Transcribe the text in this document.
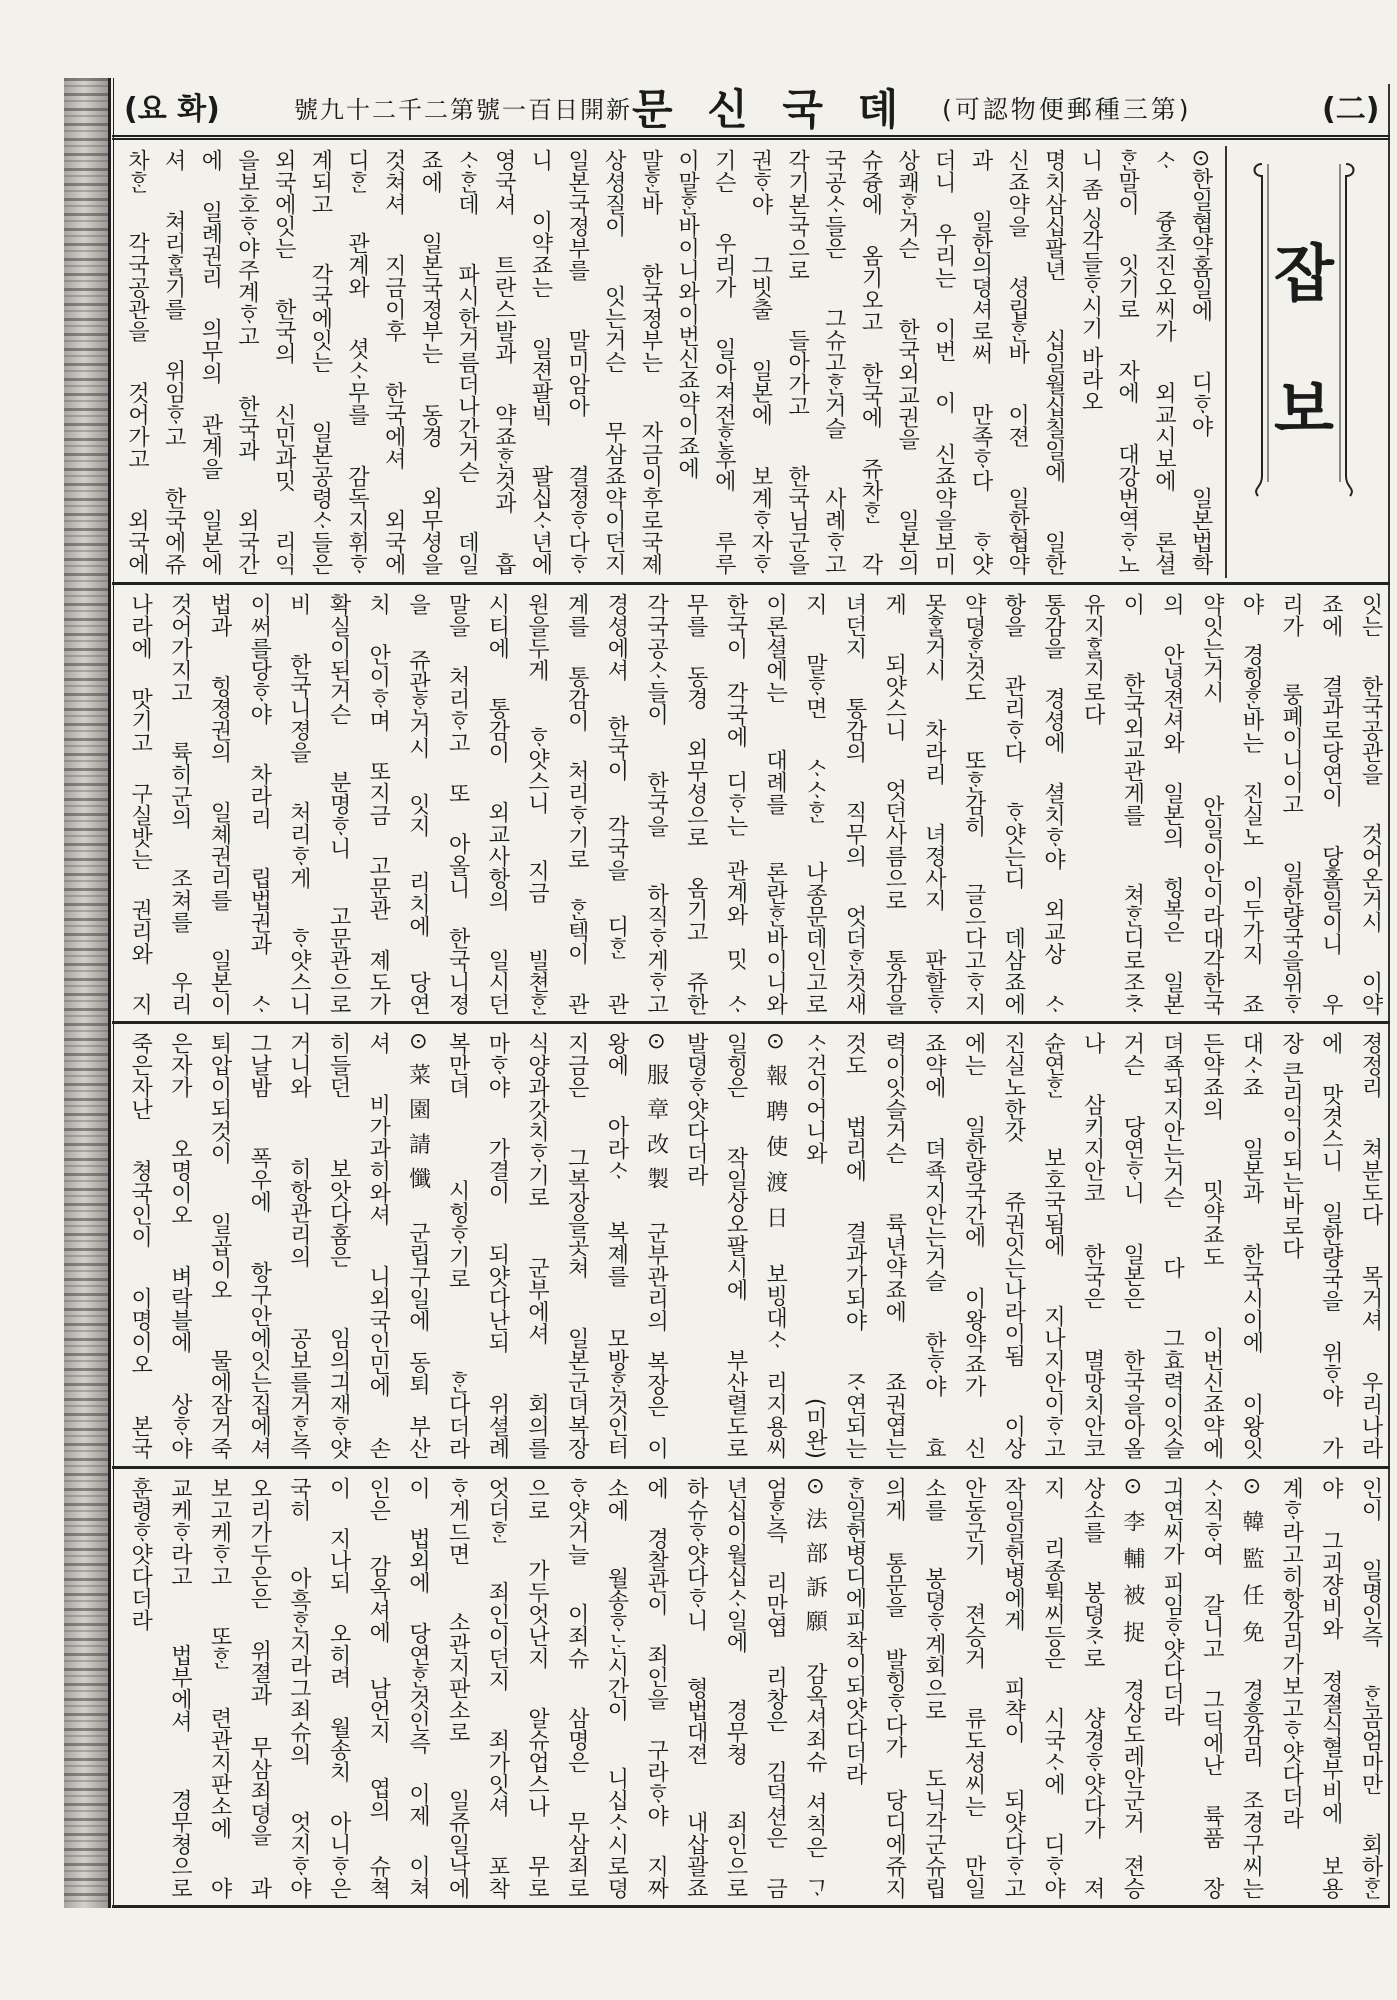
(요 화)	號九十二千二第號一百日開新 문 신 국 뎨 (可認物便郵種三第)	(二)
잡
보
⊙한일협약홈일에 디ᄒᆞ야 일본법학
ᄉᆞ 즁초진오씨가 외교시보에 론셜
ᄒᆞᆫ말이 잇기로 자에 대강번역ᄒᆞ노
니 좀 싱각들ᄒᆞ시기 바라오
명치삼십팔년 십일월십칠일에 일한
신죠약을 셩립ᄒᆞᆫ바 이젼 일한협약
과 일한의뎡셔로써 만족ᄒᆞ다 ᄒᆞ얏
더니 우리는 이번 이 신죠약을보미
상쾌ᄒᆞᆫ거슨 한국외교권을 일본의
슈즁에 옴기오고 한국에 쥬차ᄒᆞᆫ 각
국공ᄉᆞ들은 그슈고ᄒᆞᆫ거슬 사례ᄒᆞ고
각기본국으로 들아가고 한국님군을
권ᄒᆞ야 그빗출 일본에 보계ᄒᆞ자ᄒᆞ
기슨 우리가 일아져전ᄒᆞᆫ후에 루루
이말ᄒᆞᆫ바이니와이번신죠약이죠에
말ᄒᆞᆫ바 한국졍부는 자금이후로국졔
상셩질이 잇는거슨 무삼죠약이던지
일본국졍부를 말미암아 결졍ᄒᆞ다ᄒᆞ
니 이약죠는 일젼팔빅 팔십ᄉᆞ년에
영국셔 트란스발과 약죠ᄒᆞᆫ것과 흡
ᄉᆞᄒᆞᆫ데 파시한거름더나간거슨 데일
죠에 일본국졍부는 동경 외무셩을
것쳐셔 지금이후 한국에셔 외국에
디ᄒᆞᆫ 관계와 셧ᄉᆞ무를 감독지휘ᄒᆞ
계되고 각국에잇는 일본공령ᄉᆞ들은
외국에잇는 한국의 신민과밋 리익
을보호ᄒᆞ야주계ᄒᆞ고 한국과 외국간
에 일례권리 의무의 관계을 일본에
셔 쳐리ᄒᆞᆯ기를 위임ᄒᆞ고 한국에쥬
차ᄒᆞᆫ 각국공관을 것어가고 외국에
잇는 한국공관을 것어온거시 이약
죠에 결과로당연이 당홀일이니 우
리가 룽폐이니이고 일한량국을위ᄒᆞ
야 경힝ᄒᆞᆫ바는 진실노 이두가지 죠
약잇는거시 안일이안이라대각한국
의 안녕젼셔와 일본의 힝복은 일본
이 한국외교관게를 쳐ᄒᆞᆫ디로조ᄎᆞ
유지ᄒᆞᆯ지로다
통감을 경셩에 셜치ᄒᆞ야 외교상 ᄉᆞ
항을 관리ᄒᆞ다 ᄒᆞ얏는디 데삼죠에
약뎡ᄒᆞᆫ것도 또ᄒᆞᆫ감히 글으다고ᄒᆞ지
못ᄒᆞᆯ거시 차라리 녀졍사지 판할ᄒᆞ
게 되얏스니 엇던사름으로 통감을
녀던지 통감의 직무의 엇더ᄒᆞᆫ것새
지 말ᄒᆞ면 ᄉᆞᄉᆞᄒᆞᆫ 나종문데인고로
이론셜에는 대례를 론란ᄒᆞᆫ바이니와
한국이 각국에 디ᄒᆞ는 관계와 밋 ᄉᆞ
무를 동경 외무셩으로 옴기고 쥬한
각국공ᄉᆞ들이 한국을 하직ᄒᆞ게ᄒᆞ고
경셩에셔 한국이 각국을 디ᄒᆞᆫ 관
계를 통감이 처리ᄒᆞ기로 ᄒᆞᆫ텍이 관
원을두게 ᄒᆞ얏스니 지금 빌쳔ᄒᆞᆫ
시티에 통감이 외교사항의 일시던
말을 처리ᄒᆞ고 또 아올니 한국니졍
을 쥬관ᄒᆞᆫ거시 잇지 리치에 당연
치 안이ᄒᆞ며 또지금 고문관 졔도가
확실이된거슨 분명ᄒᆞ니 고문관으로
비 한국니졍을 처리ᄒᆞ게 ᄒᆞ얏스니
이써를당ᄒᆞ야 차라리 립법권과 ᄉᆞ
법과 힝졍권의 일쳬권리를 일본이
것어가지고 륙히군의 조쳐를 우리
나라에 맛기고 구실밧는 권리와 지
졍정리 쳐분도다 목거셔 우리나라
에 맛겻스니 일한량국을 위ᄒᆞ야 가
장 큰리익이되는바로다
대ᄉᆞ죠 일본과 한국시이에 이왕잇
든약죠의 밋약죠도 이번신죠약에
뎌죡되지안는거슨 다 그효력이잇슬
거슨 당연ᄒᆞ니 일본은 한국을아올
나 삼키지안코 한국은 멸망치안코
슌연ᄒᆞᆫ 보호국됨에 지나지안이ᄒᆞ고
진실노한갓 쥬권잇는나라이됨 이상
에는 일한량국간에 이왕약죠가 신
죠약에 뎌죡지안는거슬 한ᄒᆞ야 효
력이잇슬거슨 륙년약죠에 죠권엽는
것도 법리에 결과가되야 ᄌᆞ연되는
ᄉᆞ건이어니와 (미완)
⊙報聘使渡日 보빙대ᄉᆞ 리지용씨
일힝은 작일상오팔시에 부산렬도로
발뎡ᄒᆞ얏다더라
⊙服章改製 군부관리의 복장은 이
왕에 아라ᄉᆞ 복졔를 모방ᄒᆞᆫ것인터
지금은 그복장을곳쳐 일본군뎌복장
식양과갓치ᄒᆞ기로 군부에셔 회의를
마ᄒᆞ야 가결이 되얏다난되 위셜례
복만뎌 시힝ᄒᆞ기로 ᄒᆞᆫ다더라
⊙菜園請懺 군립구일에 동퇴 부산
셔 비가과히와셔 니외국인민에 손
히들던 보앗다홈은 임의긔재ᄒᆞ얏
거니와 히항관리의 공보를거ᄒᆞᆫ즉
그날밤 폭우에 항구안에잇는집에셔
퇴압이되것이 일곱이오 물에잠거죽
은자가 오명이오 벼락블에 상ᄒᆞ야
죽은자난 쳥국인이 이명이오 본국
인이 일명인즉 ᄒᆞᆫ곰엄마만 회하ᄒᆞᆫ
야 그괴쟝비와 졍졀식혈부비에 보용
계ᄒᆞ라고히항감리가보고ᄒᆞ얏다더라
⊙韓監任免 경흥감리 조경구씨는
ᄉᆞ직ᄒᆞ여 갈니고 그딕에난 륙품 장
긔연씨가 피임ᄒᆞ얏다더라
⊙李輔被捉 경상도레안군거 젼승
상소를 봉뎡ᄎᆞ로 샹경ᄒᆞ얏다가 져
지 리종튁씨등은 시국ᄉᆞ에 디ᄒᆞ야
작일일헌병에게 피챡이 되얏다ᄒᆞ고
안동군기 젼승거 류도셩씨는 만일
소를 봉뎡ᄒᆞ계회으로 도닉각군슈립
의게 통문을 발힝ᄒᆞ다가 당디에쥬지
ᄒᆞᆫ일헌병디에피착이되얏다더라
⊙法部訴願 감옥셔죄슈 셔칙은 ᄀᆞ
엄ᄒᆞᆫ즉 리만엽 리창은 김덕션은 금
년십이월십ᄉᆞ일에 경무쳥 죄인으로
하슈ᄒᆞ얏다ᄒᆞ니 형법대젼 내삽괄죠
에 경찰관이 죄인을 구라ᄒᆞ야 지짜
소에 월송ᄒᆞᄂᆞᆫ시간이 니십ᄉᆞ시로뎡
ᄒᆞ얏거늘 이죄슈 삼명은 무삼죄로
으로 가두엇난지 알슈업스나 무로
엇더ᄒᆞᆫ 죄인이던지 죄가잇셔 포착
ᄒᆞ게드면 소관지판소로 일쥬일낙에
이 법외에 당연ᄒᆞᆫ것인즉 이제 이쳐
인은 감옥셔에 남언지 엽의 슈쳑
이 지나되 오히려 월송치 아니ᄒᆞ은
국히 아흑ᄒᆞᆫ지라그죄슈의 엇지ᄒᆞ야
오리가두은은 위졀과 무삼죄뎡을 과
보고케ᄒᆞ고 또ᄒᆞᆫ 련관지판소에 야
교케ᄒᆞ라고 법부에셔 경무쳥으로
훈령ᄒᆞ얏다더라
